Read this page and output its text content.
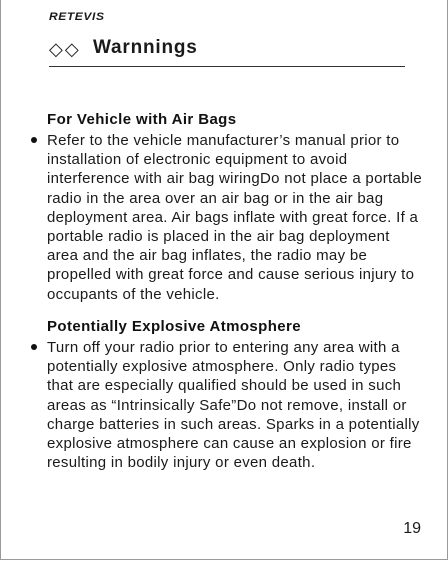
RETEVIS
◇◇ Warnnings
For Vehicle with Air Bags

Refer to the vehicle manufacturer’s manual prior to installation of electronic equipment to avoid interference with air bag wiringDo not place a portable radio in the area over an air bag or in the air bag deployment area. Air bags inflate with great force. If a portable radio is placed in the air bag deployment area and the air bag inflates, the radio may be propelled with great force and cause serious injury to occupants of the vehicle.

Potentially Explosive Atmosphere

Turn off your radio prior to entering any area with a potentially explosive atmosphere. Only radio types that are especially qualified should be used in such areas as “Intrinsically Safe”Do not remove, install or charge batteries in such areas. Sparks in a potentially explosive atmosphere can cause an explosion or fire resulting in bodily injury or even death.

19
